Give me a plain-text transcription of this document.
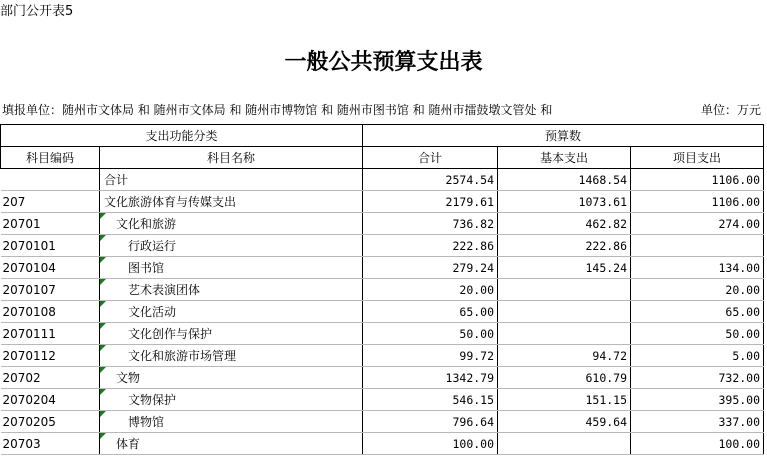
部门公开表5
一般公共预算支出表
填报单位：随州市文体局 和 随州市文体局 和 随州市博物馆 和 随州市图书馆 和 随州市擂鼓墩文管处 和	单位：万元
支出功能分类		预算数		
科目编码	科目名称	合计	基本支出	项目支出
	合计	2574.54	1468.54	1106.00
207	文化旅游体育与传媒支出	2179.61	1073.61	1106.00
20701	文化和旅游	736.82	462.82	274.00
2070101	行政运行	222.86	222.86	
2070104	图书馆	279.24	145.24	134.00
2070107	艺术表演团体	20.00		20.00
2070108	文化活动	65.00		65.00
2070111	文化创作与保护	50.00		50.00
2070112	文化和旅游市场管理	99.72	94.72	5.00
20702	文物	1342.79	610.79	732.00
2070204	文物保护	546.15	151.15	395.00
2070205	博物馆	796.64	459.64	337.00
20703	体育	100.00		100.00
